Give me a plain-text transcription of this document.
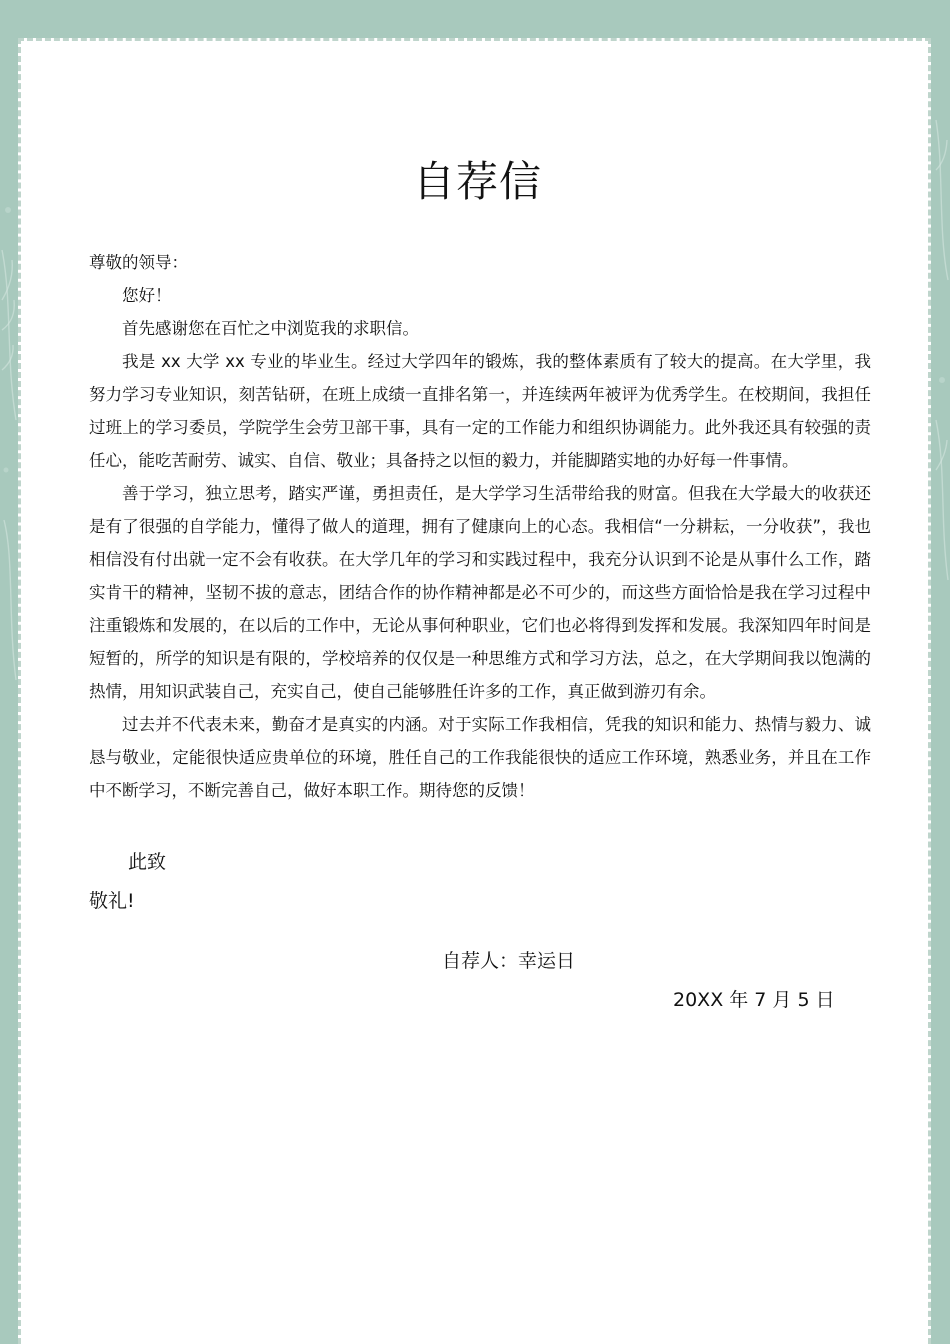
自荐信

尊敬的领导：

您好！

首先感谢您在百忙之中浏览我的求职信。

我是 xx 大学 xx 专业的毕业生。经过大学四年的锻炼，我的整体素质有了较大的提高。在大学里，我努力学习专业知识，刻苦钻研，在班上成绩一直排名第一，并连续两年被评为优秀学生。在校期间，我担任过班上的学习委员，学院学生会劳卫部干事，具有一定的工作能力和组织协调能力。此外我还具有较强的责任心，能吃苦耐劳、诚实、自信、敬业；具备持之以恒的毅力，并能脚踏实地的办好每一件事情。

善于学习，独立思考，踏实严谨，勇担责任，是大学学习生活带给我的财富。但我在大学最大的收获还是有了很强的自学能力，懂得了做人的道理，拥有了健康向上的心态。我相信“一分耕耘，一分收获”，我也相信没有付出就一定不会有收获。在大学几年的学习和实践过程中，我充分认识到不论是从事什么工作，踏实肯干的精神，坚韧不拔的意志，团结合作的协作精神都是必不可少的，而这些方面恰恰是我在学习过程中注重锻炼和发展的，在以后的工作中，无论从事何种职业，它们也必将得到发挥和发展。我深知四年时间是短暂的，所学的知识是有限的，学校培养的仅仅是一种思维方式和学习方法，总之，在大学期间我以饱满的热情，用知识武装自己，充实自己，使自己能够胜任许多的工作，真正做到游刃有余。

过去并不代表未来，勤奋才是真实的内涵。对于实际工作我相信，凭我的知识和能力、热情与毅力、诚恳与敬业，定能很快适应贵单位的环境，胜任自己的工作我能很快的适应工作环境，熟悉业务，并且在工作中不断学习，不断完善自己，做好本职工作。期待您的反馈！

此致
敬礼!
自荐人：幸运日
20XX 年 7 月 5 日
